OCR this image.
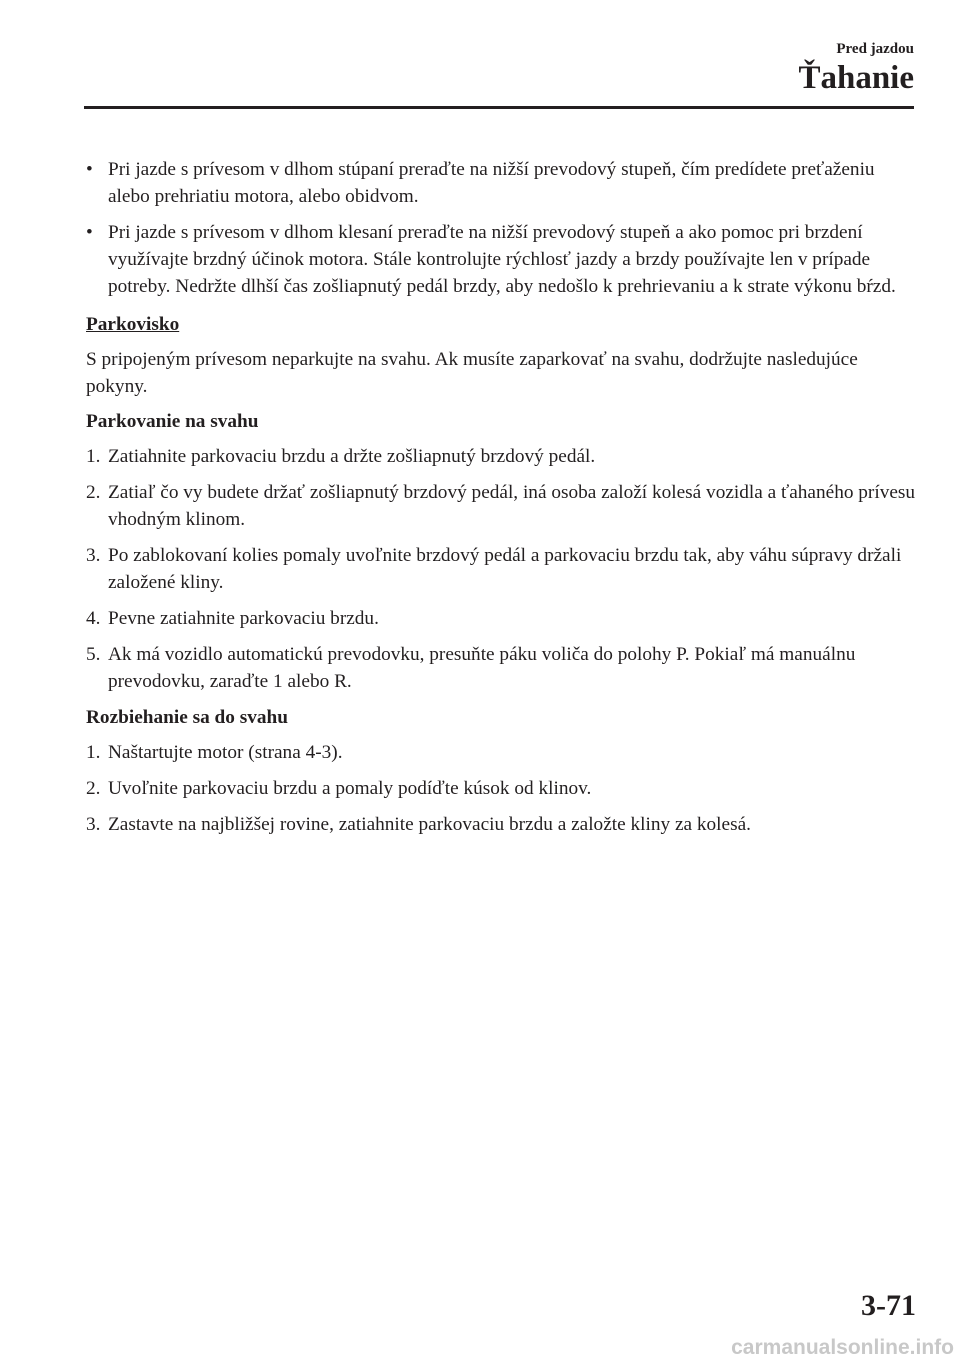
Pred jazdou
Ťahanie
• Pri jazde s prívesom v dlhom stúpaní preraďte na nižší prevodový stupeň, čím predídete preťaženiu alebo prehriatiu motora, alebo obidvom.
• Pri jazde s prívesom v dlhom klesaní preraďte na nižší prevodový stupeň a ako pomoc pri brzdení využívajte brzdný účinok motora. Stále kontrolujte rýchlosť jazdy a brzdy používajte len v prípade potreby. Nedržte dlhší čas zošliapnutý pedál brzdy, aby nedošlo k prehrievaniu a k strate výkonu bŕzd.
Parkovisko
S pripojeným prívesom neparkujte na svahu. Ak musíte zaparkovať na svahu, dodržujte nasledujúce pokyny.
Parkovanie na svahu
1. Zatiahnite parkovaciu brzdu a držte zošliapnutý brzdový pedál.
2. Zatiaľ čo vy budete držať zošliapnutý brzdový pedál, iná osoba založí kolesá vozidla a ťahaného prívesu vhodným klinom.
3. Po zablokovaní kolies pomaly uvoľnite brzdový pedál a parkovaciu brzdu tak, aby váhu súpravy držali založené kliny.
4. Pevne zatiahnite parkovaciu brzdu.
5. Ak má vozidlo automatickú prevodovku, presuňte páku voliča do polohy P. Pokiaľ má manuálnu prevodovku, zaraďte 1 alebo R.
Rozbiehanie sa do svahu
1. Naštartujte motor (strana 4-3).
2. Uvoľnite parkovaciu brzdu a pomaly podíďte kúsok od klinov.
3. Zastavte na najbližšej rovine, zatiahnite parkovaciu brzdu a založte kliny za kolesá.
3-71
carmanualsonline.info
